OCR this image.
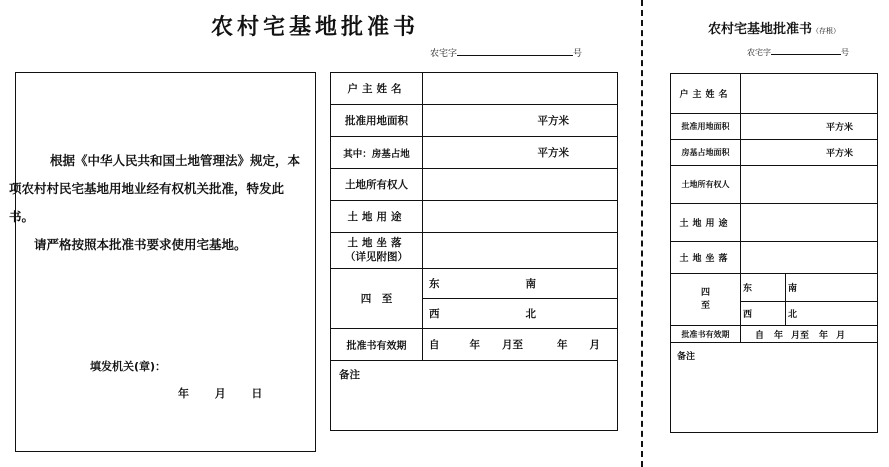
农村宅基地批准书
农宅字	号
根据《中华人民共和国土地管理法》规定，本
项农村村民宅基地用地业经有权机关批准，特发此
书。
请严格按照本批准书要求使用宅基地。
填发机关(章)：
年 月 日
户主姓名	
批准用地面积	平方米
其中：房基占地	平方米
土地所有权人	
土地用途	

土地坐落
（详见附图）	

四　至	东 南
	西 北
批准书有效期	自 年 月至 年 月
备注	
农村宅基地批准书（存根）
农宅字	号
户主姓名		
批准用地面积	平方米	
房基占地面积	平方米	
土地所有权人		
土地用途		
土地坐落		

四
至	东	南
	西	北
批准书有效期	自 年 月至 年 月	
备注		
